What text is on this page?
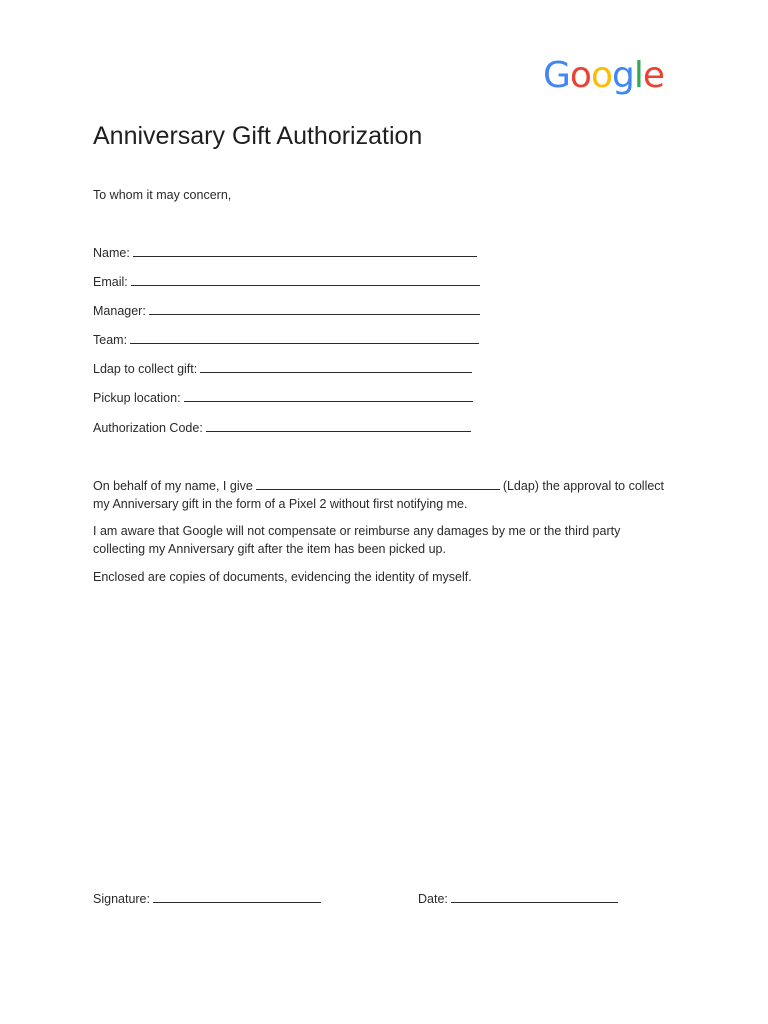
Google
Anniversary Gift Authorization
To whom it may concern,
Name:
Email:
Manager:
Team:
Ldap to collect gift:
Pickup location:
Authorization Code:
On behalf of my name, I give	(Ldap) the approval to collect
my Anniversary gift in the form of a Pixel 2 without first notifying me.
I am aware that Google will not compensate or reimburse any damages by me or the third party
collecting my Anniversary gift after the item has been picked up.
Enclosed are copies of documents, evidencing the identity of myself.
Signature:	Date:
